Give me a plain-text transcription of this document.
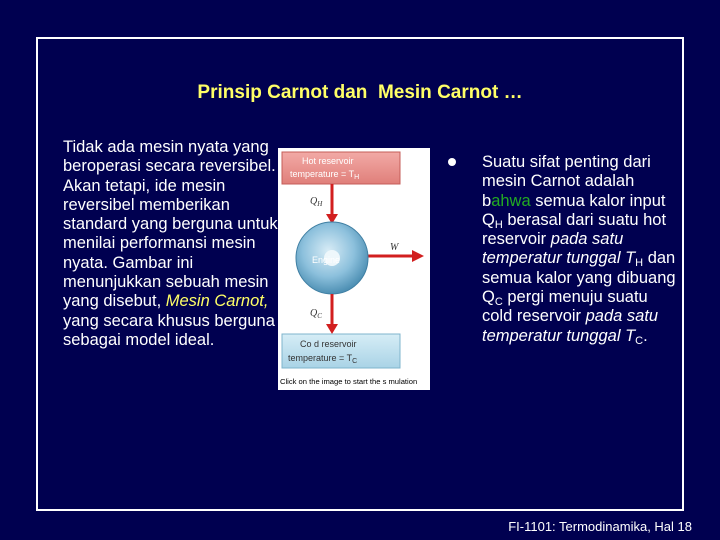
Prinsip Carnot dan  Mesin Carnot …
Tidak ada mesin nyata yang beroperasi secara reversibel. Akan tetapi, ide mesin reversibel memberikan standard yang berguna untuk menilai performansi mesin nyata. Gambar ini menunjukkan sebuah mesin yang disebut, Mesin Carnot, yang secara khusus berguna sebagai model ideal.
Hot reservoir
temperature = $T_H$
$Q_H$
W
Engine
$Q_C$
Co d reservoir
temperature = $T_C$
Click on the image to start the s mulation
Suatu sifat penting dari mesin Carnot adalah bahwa semua kalor input $Q_H$ berasal dari suatu hot reservoir pada satu temperatur tunggal $T_H$ dan semua kalor yang dibuang $Q_C$ pergi menuju suatu cold reservoir pada satu temperatur tunggal $T_C$.
FI-1101: Termodinamika, Hal 18
